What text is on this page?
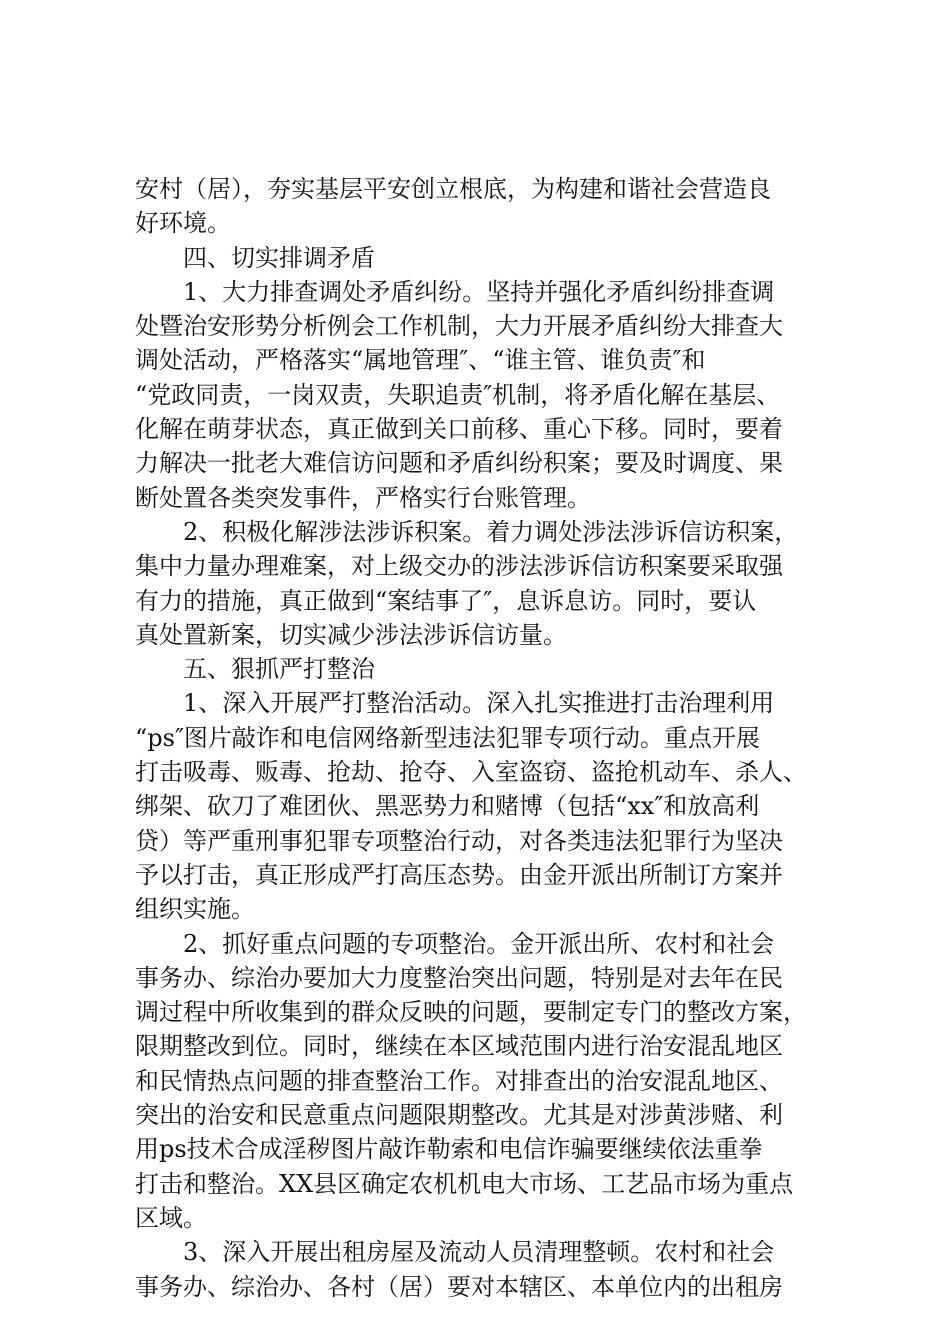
安村（居），夯实基层平安创立根底，为构建和谐社会营造良
好环境。
四、切实排调矛盾
1、大力排查调处矛盾纠纷。坚持并强化矛盾纠纷排查调
处暨治安形势分析例会工作机制，大力开展矛盾纠纷大排查大
调处活动，严格落实“属地管理″、“谁主管、谁负责″和
“党政同责，一岗双责，失职追责″机制，将矛盾化解在基层、
化解在萌芽状态，真正做到关口前移、重心下移。同时，要着
力解决一批老大难信访问题和矛盾纠纷积案；要及时调度、果
断处置各类突发事件，严格实行台账管理。
2、积极化解涉法涉诉积案。着力调处涉法涉诉信访积案，
集中力量办理难案，对上级交办的涉法涉诉信访积案要采取强
有力的措施，真正做到“案结事了″，息诉息访。同时，要认
真处置新案，切实减少涉法涉诉信访量。
五、狠抓严打整治
1、深入开展严打整治活动。深入扎实推进打击治理利用
“ps″图片敲诈和电信网络新型违法犯罪专项行动。重点开展
打击吸毒、贩毒、抢劫、抢夺、入室盗窃、盗抢机动车、杀人、
绑架、砍刀了难团伙、黑恶势力和赌博（包括“xx″和放高利
贷）等严重刑事犯罪专项整治行动，对各类违法犯罪行为坚决
予以打击，真正形成严打高压态势。由金开派出所制订方案并
组织实施。
2、抓好重点问题的专项整治。金开派出所、农村和社会
事务办、综治办要加大力度整治突出问题，特别是对去年在民
调过程中所收集到的群众反映的问题，要制定专门的整改方案，
限期整改到位。同时，继续在本区域范围内进行治安混乱地区
和民情热点问题的排查整治工作。对排查出的治安混乱地区、
突出的治安和民意重点问题限期整改。尤其是对涉黄涉赌、利
用ps技术合成淫秽图片敲诈勒索和电信诈骗要继续依法重拳
打击和整治。XX县区确定农机机电大市场、工艺品市场为重点
区域。
3、深入开展出租房屋及流动人员清理整顿。农村和社会
事务办、综治办、各村（居）要对本辖区、本单位内的出租房
